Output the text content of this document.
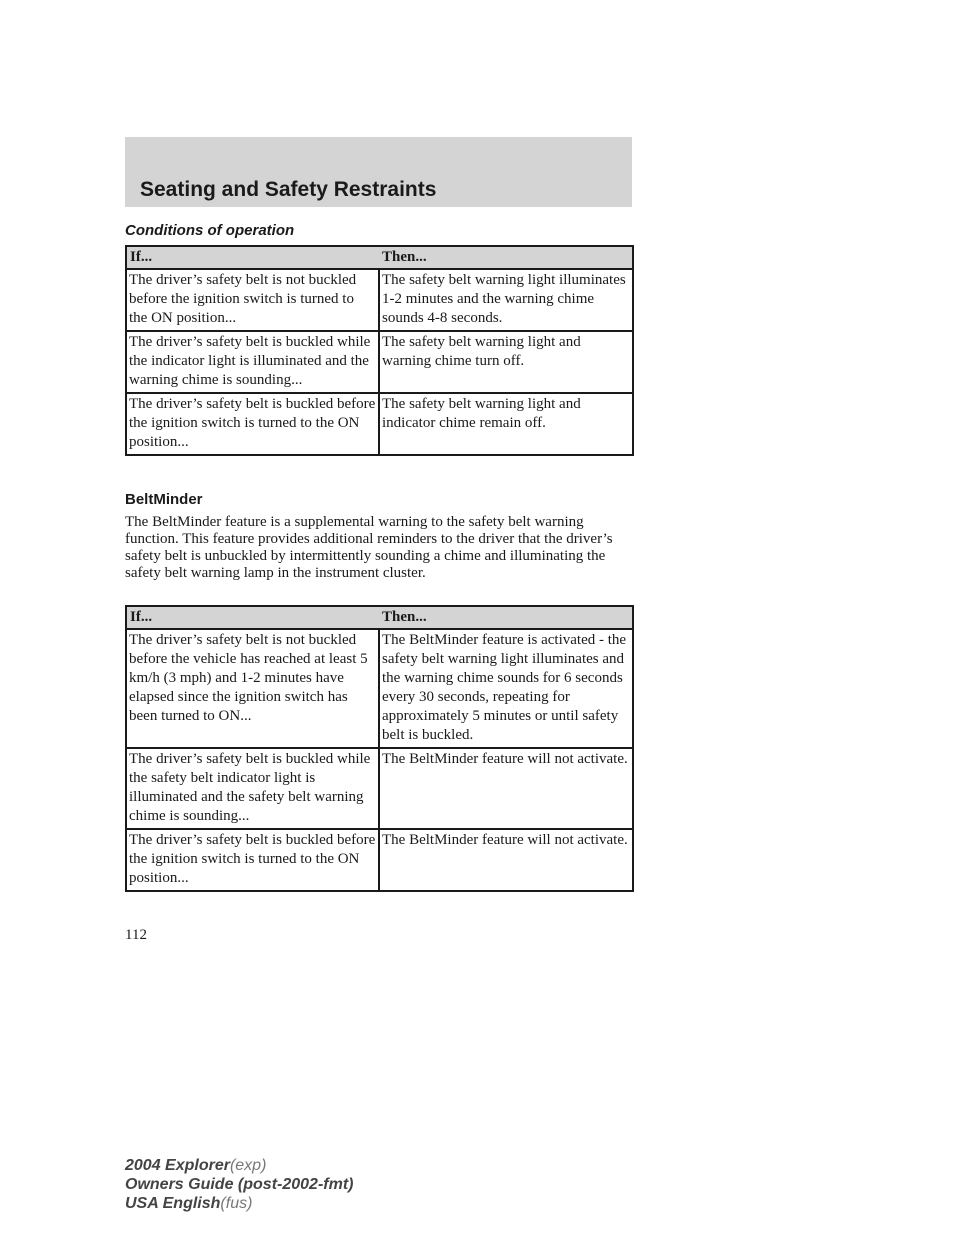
Seating and Safety Restraints
Conditions of operation
If...	Then...
The driver’s safety belt is not buckled before the ignition switch is turned to the ON position...	The safety belt warning light illuminates 1-2 minutes and the warning chime sounds 4-8 seconds.
The driver’s safety belt is buckled while the indicator light is illuminated and the warning chime is sounding...	The safety belt warning light and warning chime turn off.
The driver’s safety belt is buckled before the ignition switch is turned to the ON position...	The safety belt warning light and indicator chime remain off.
BeltMinder

The BeltMinder feature is a supplemental warning to the safety belt warning function. This feature provides additional reminders to the driver that the driver’s safety belt is unbuckled by intermittently sounding a chime and illuminating the safety belt warning lamp in the instrument cluster.

If...	Then...
The driver’s safety belt is not buckled before the vehicle has reached at least 5 km/h (3 mph) and 1-2 minutes have elapsed since the ignition switch has been turned to ON...	The BeltMinder feature is activated - the safety belt warning light illuminates and the warning chime sounds for 6 seconds every 30 seconds, repeating for approximately 5 minutes or until safety belt is buckled.
The driver’s safety belt is buckled while the safety belt indicator light is illuminated and the safety belt warning chime is sounding...	The BeltMinder feature will not activate.
The driver’s safety belt is buckled before the ignition switch is turned to the ON position...	The BeltMinder feature will not activate.

112

2004 Explorer(exp)
Owners Guide (post-2002-fmt)
USA English(fus)
